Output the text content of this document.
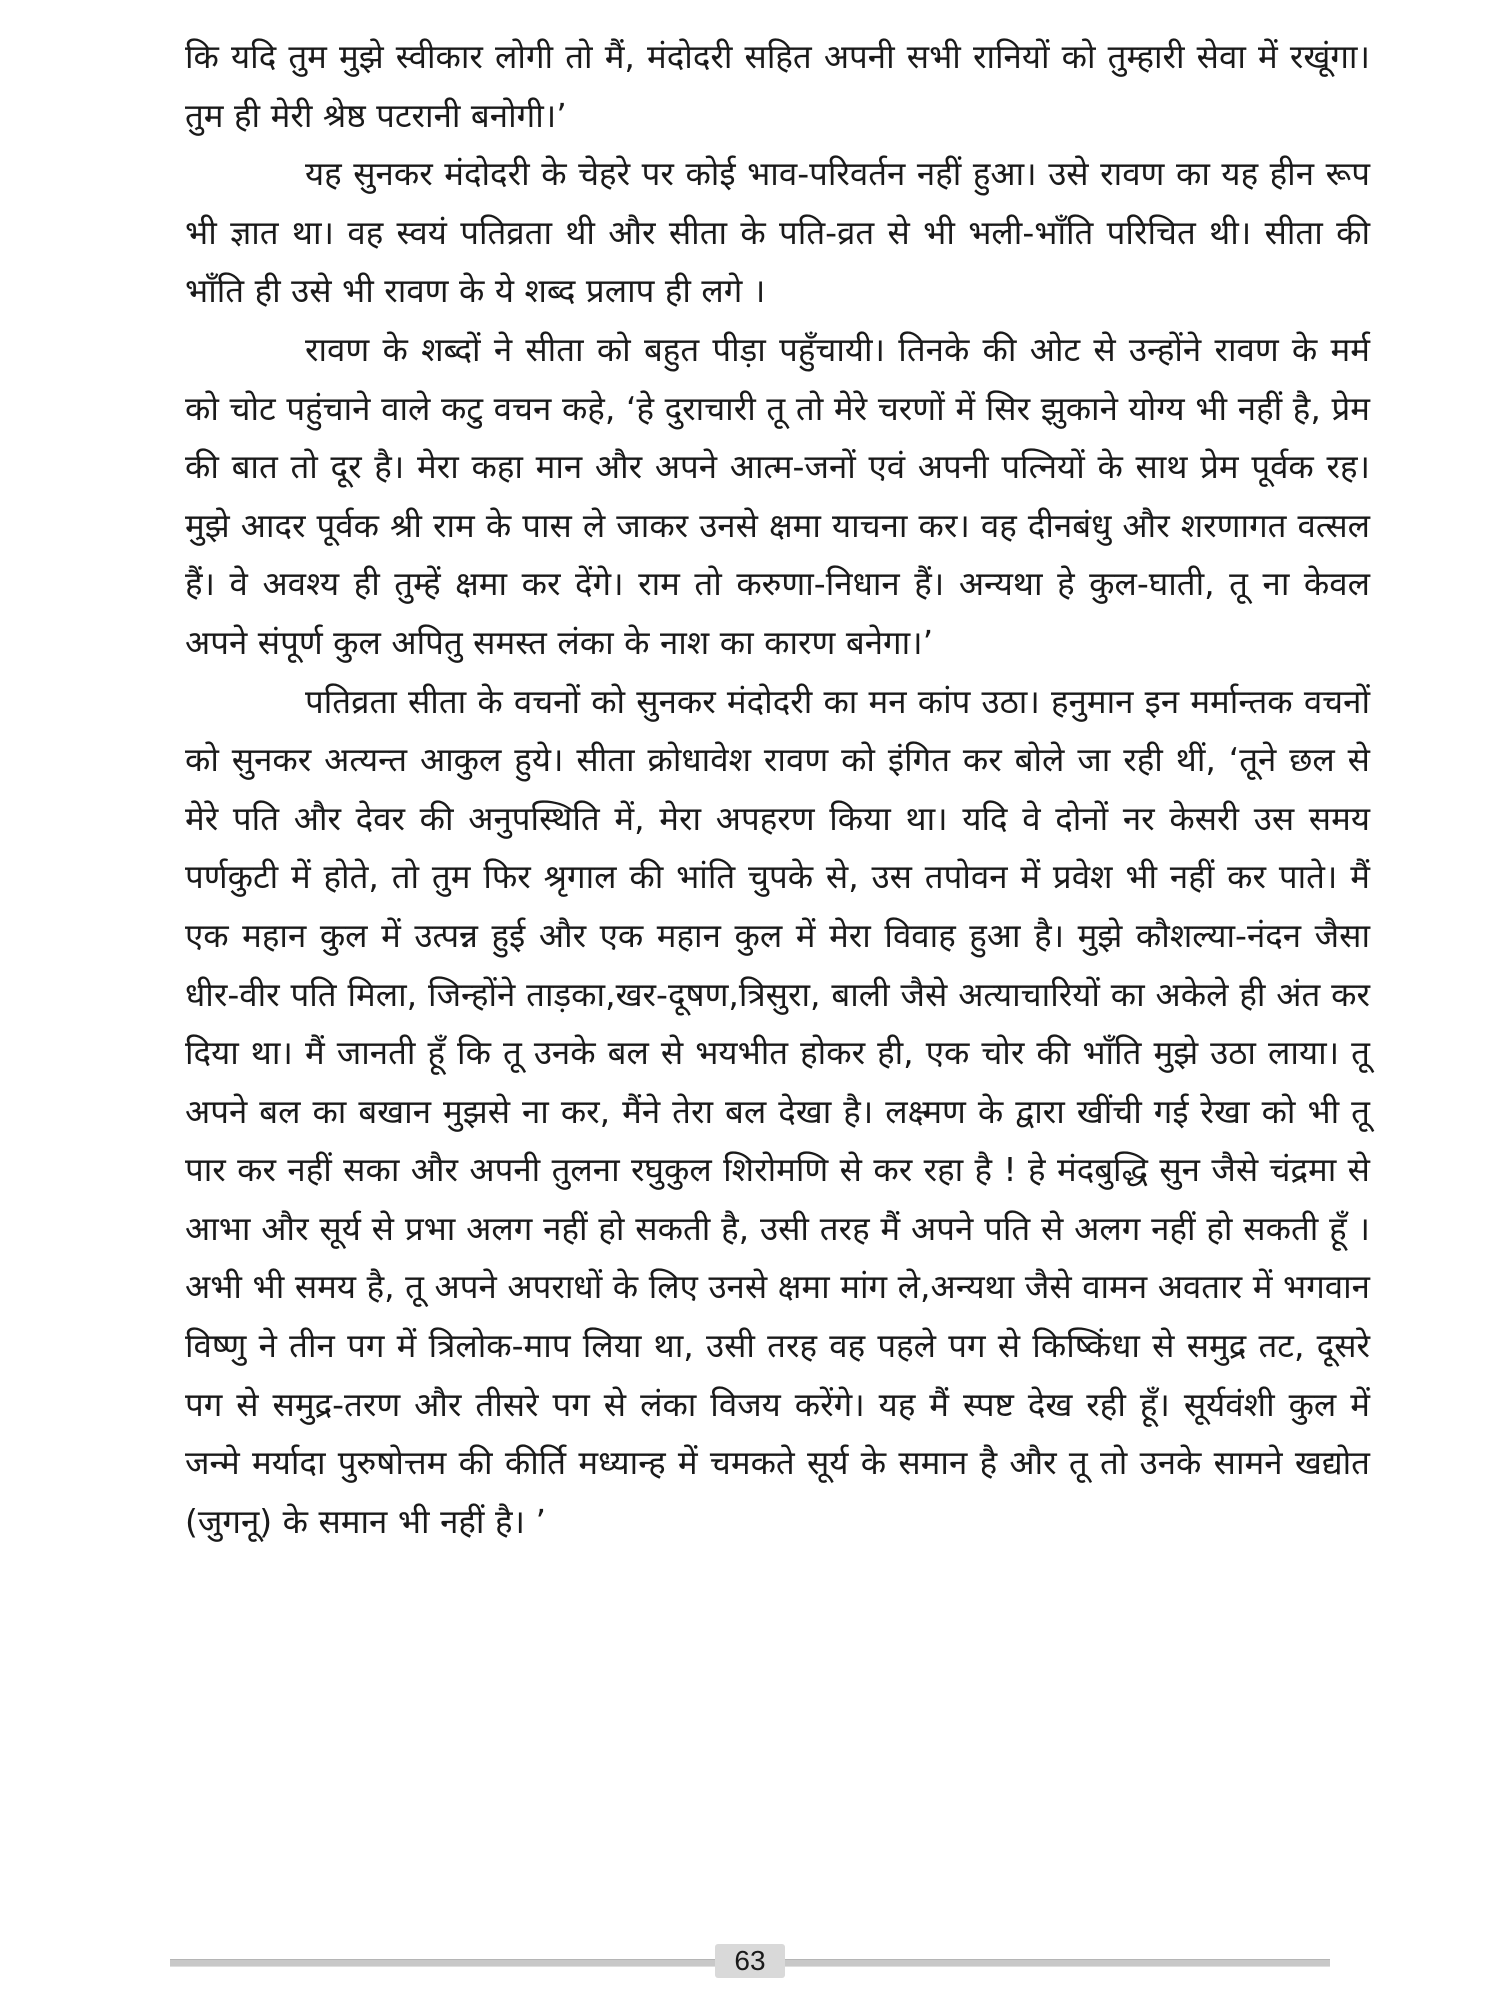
कि यदि तुम मुझे स्वीकार लोगी तो मैं, मंदोदरी सहित अपनी सभी रानियों को तुम्हारी सेवा में रखूंगा। तुम ही मेरी श्रेष्ठ पटरानी बनोगी।’

यह सुनकर मंदोदरी के चेहरे पर कोई भाव-परिवर्तन नहीं हुआ। उसे रावण का यह हीन रूप भी ज्ञात था। वह स्वयं पतिव्रता थी और सीता के पति-व्रत से भी भली-भाँति परिचित थी। सीता की भाँति ही उसे भी रावण के ये शब्द प्रलाप ही लगे ।

रावण के शब्दों ने सीता को बहुत पीड़ा पहुँचायी। तिनके की ओट से उन्होंने रावण के मर्म को चोट पहुंचाने वाले कटु वचन कहे, ‘हे दुराचारी तू तो मेरे चरणों में सिर झुकाने योग्य भी नहीं है, प्रेम की बात तो दूर है। मेरा कहा मान और अपने आत्म-जनों एवं अपनी पत्नियों के साथ प्रेम पूर्वक रह। मुझे आदर पूर्वक श्री राम के पास ले जाकर उनसे क्षमा याचना कर। वह दीनबंधु और शरणागत वत्सल हैं। वे अवश्य ही तुम्हें क्षमा कर देंगे। राम तो करुणा-निधान हैं। अन्यथा हे कुल-घाती, तू ना केवल अपने संपूर्ण कुल अपितु समस्त लंका के नाश का कारण बनेगा।’

पतिव्रता सीता के वचनों को सुनकर मंदोदरी का मन कांप उठा। हनुमान इन मर्मान्तक वचनों को सुनकर अत्यन्त आकुल हुये। सीता क्रोधावेश रावण को इंगित कर बोले जा रही थीं, ‘तूने छल से मेरे पति और देवर की अनुपस्थिति में, मेरा अपहरण किया था। यदि वे दोनों नर केसरी उस समय पर्णकुटी में होते, तो तुम फिर श्रृगाल की भांति चुपके से, उस तपोवन में प्रवेश भी नहीं कर पाते। मैं एक महान कुल में उत्पन्न हुई और एक महान कुल में मेरा विवाह हुआ है। मुझे कौशल्या-नंदन जैसा धीर-वीर पति मिला, जिन्होंने ताड़का,खर-दूषण,त्रिसुरा, बाली जैसे अत्याचारियों का अकेले ही अंत कर दिया था। मैं जानती हूँ कि तू उनके बल से भयभीत होकर ही, एक चोर की भाँति मुझे उठा लाया। तू अपने बल का बखान मुझसे ना कर, मैंने तेरा बल देखा है। लक्ष्मण के द्वारा खींची गई रेखा को भी तू पार कर नहीं सका और अपनी तुलना रघुकुल शिरोमणि से कर रहा है ! हे मंदबुद्धि सुन जैसे चंद्रमा से आभा और सूर्य से प्रभा अलग नहीं हो सकती है, उसी तरह मैं अपने पति से अलग नहीं हो सकती हूँ । अभी भी समय है, तू अपने अपराधों के लिए उनसे क्षमा मांग ले,अन्यथा जैसे वामन अवतार में भगवान विष्णु ने तीन पग में त्रिलोक-माप लिया था, उसी तरह वह पहले पग से किष्किंधा से समुद्र तट, दूसरे पग से समुद्र-तरण और तीसरे पग से लंका विजय करेंगे। यह मैं स्पष्ट देख रही हूँ। सूर्यवंशी कुल में जन्मे मर्यादा पुरुषोत्तम की कीर्ति मध्यान्ह में चमकते सूर्य के समान है और तू तो उनके सामने खद्योत (जुगनू) के समान भी नहीं है। ’

63
